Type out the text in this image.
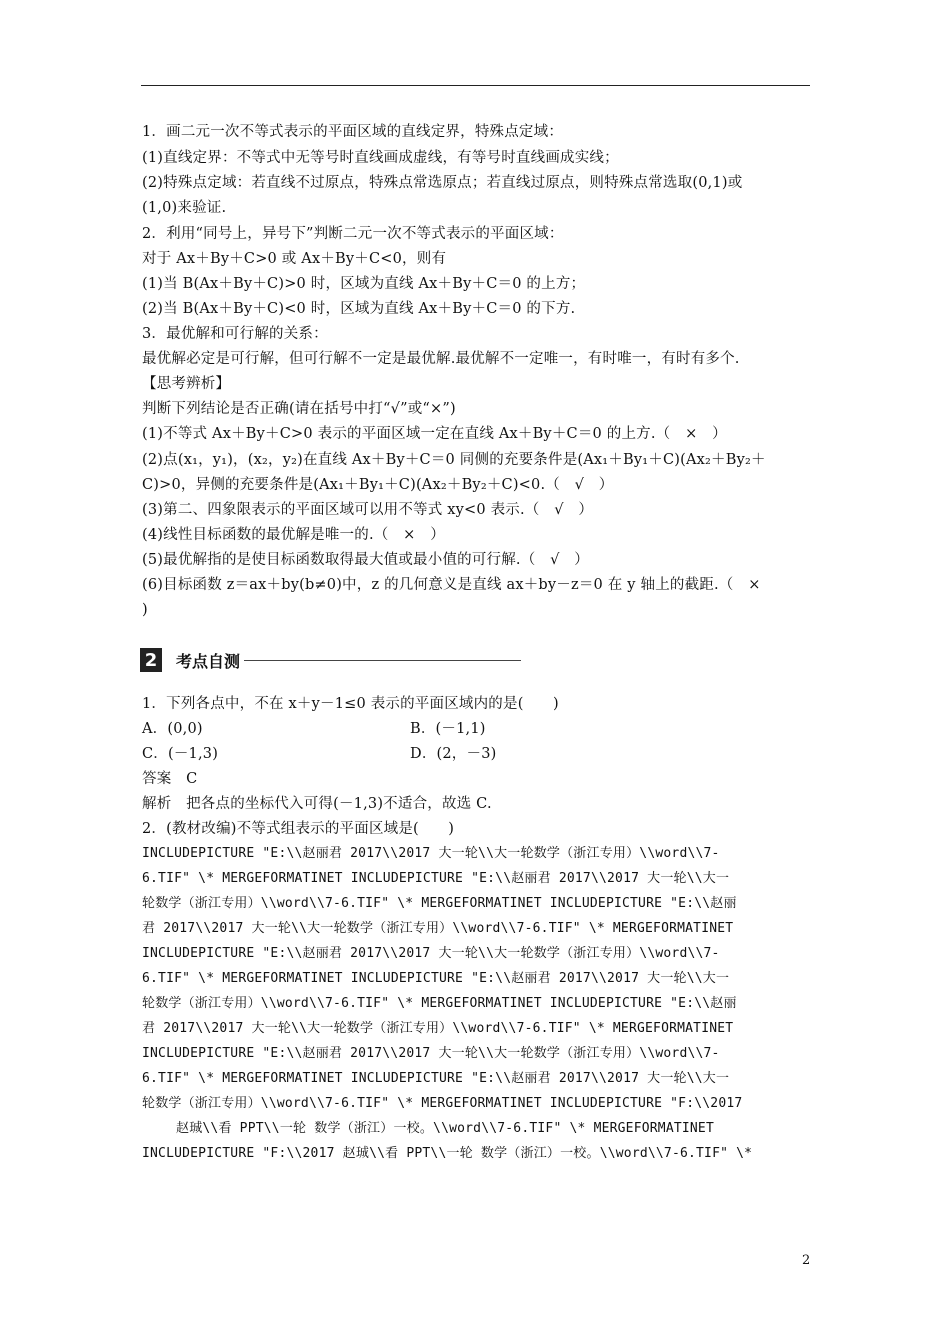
1．画二元一次不等式表示的平面区域的直线定界，特殊点定域：
(1)直线定界：不等式中无等号时直线画成虚线，有等号时直线画成实线；
(2)特殊点定域：若直线不过原点，特殊点常选原点；若直线过原点，则特殊点常选取(0,1)或
(1,0)来验证.
2．利用“同号上，异号下”判断二元一次不等式表示的平面区域：
对于 Ax＋By＋C>0 或 Ax＋By＋C<0，则有
(1)当 B(Ax＋By＋C)>0 时，区域为直线 Ax＋By＋C＝0 的上方；
(2)当 B(Ax＋By＋C)<0 时，区域为直线 Ax＋By＋C＝0 的下方.
3．最优解和可行解的关系：
最优解必定是可行解，但可行解不一定是最优解.最优解不一定唯一，有时唯一，有时有多个.
【思考辨析】
判断下列结论是否正确(请在括号中打“√”或“×”)
(1)不等式 Ax＋By＋C>0 表示的平面区域一定在直线 Ax＋By＋C＝0 的上方.（　×　）
(2)点(x₁，y₁)，(x₂，y₂)在直线 Ax＋By＋C＝0 同侧的充要条件是(Ax₁＋By₁＋C)(Ax₂＋By₂＋
C)>0，异侧的充要条件是(Ax₁＋By₁＋C)(Ax₂＋By₂＋C)<0.（　√　）
(3)第二、四象限表示的平面区域可以用不等式 xy<0 表示.（　√　）
(4)线性目标函数的最优解是唯一的.（　×　）
(5)最优解指的是使目标函数取得最大值或最小值的可行解.（　√　）
(6)目标函数 z＝ax＋by(b≠0)中，z 的几何意义是直线 ax＋by－z＝0 在 y 轴上的截距.（　×
)
2 考点自测
1．下列各点中，不在 x＋y－1≤0 表示的平面区域内的是(　　)
A．(0,0)	B．(－1,1)
C．(－1,3)	D．(2，－3)
答案　C
解析　把各点的坐标代入可得(－1,3)不适合，故选 C.
2．(教材改编)不等式组表示的平面区域是(　　)
INCLUDEPICTURE "E:\\赵丽君 2017\\2017 大一轮\\大一轮数学（浙江专用）\\word\\7-
6.TIF" \* MERGEFORMATINET INCLUDEPICTURE "E:\\赵丽君 2017\\2017 大一轮\\大一
轮数学（浙江专用）\\word\\7-6.TIF" \* MERGEFORMATINET INCLUDEPICTURE "E:\\赵丽
君 2017\\2017 大一轮\\大一轮数学（浙江专用）\\word\\7-6.TIF" \* MERGEFORMATINET
INCLUDEPICTURE "E:\\赵丽君 2017\\2017 大一轮\\大一轮数学（浙江专用）\\word\\7-
6.TIF" \* MERGEFORMATINET INCLUDEPICTURE "E:\\赵丽君 2017\\2017 大一轮\\大一
轮数学（浙江专用）\\word\\7-6.TIF" \* MERGEFORMATINET INCLUDEPICTURE "E:\\赵丽
君 2017\\2017 大一轮\\大一轮数学（浙江专用）\\word\\7-6.TIF" \* MERGEFORMATINET
INCLUDEPICTURE "E:\\赵丽君 2017\\2017 大一轮\\大一轮数学（浙江专用）\\word\\7-
6.TIF" \* MERGEFORMATINET INCLUDEPICTURE "E:\\赵丽君 2017\\2017 大一轮\\大一
轮数学（浙江专用）\\word\\7-6.TIF" \* MERGEFORMATINET INCLUDEPICTURE "F:\\2017
赵珹\\看 PPT\\一轮 数学（浙江）一校。\\word\\7-6.TIF" \* MERGEFORMATINET
INCLUDEPICTURE "F:\\2017 赵珹\\看 PPT\\一轮 数学（浙江）一校。\\word\\7-6.TIF" \*
2
